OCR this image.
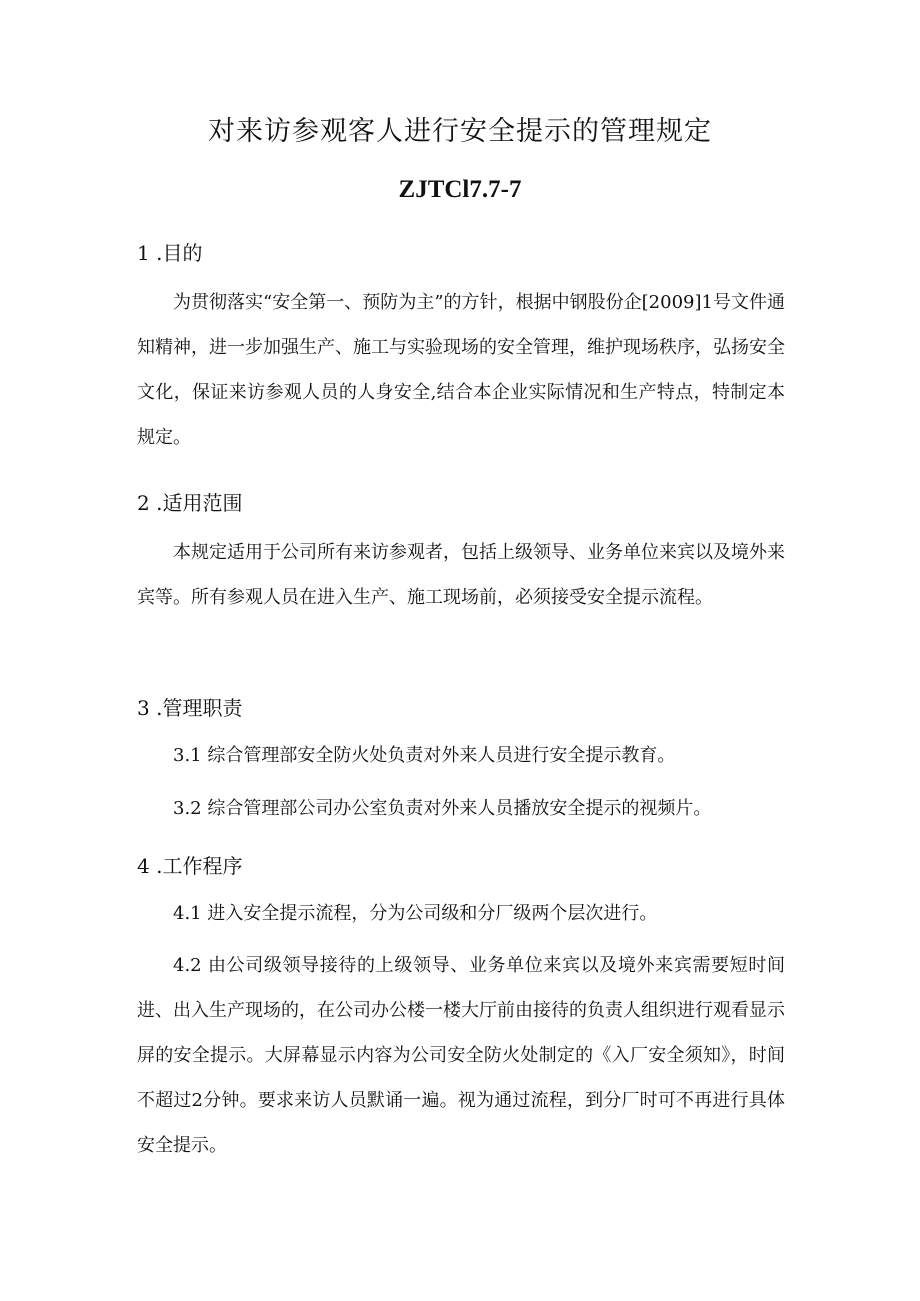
对来访参观客人进行安全提示的管理规定
ZJTCl7.7-7
1 .目的
为贯彻落实“安全第一、预防为主”的方针，根据中钢股份企[2009]1号文件通知精神，进一步加强生产、施工与实验现场的安全管理，维护现场秩序，弘扬安全文化，保证来访参观人员的人身安全,结合本企业实际情况和生产特点，特制定本规定。
2 .适用范围
本规定适用于公司所有来访参观者，包括上级领导、业务单位来宾以及境外来宾等。所有参观人员在进入生产、施工现场前，必须接受安全提示流程。
3 .管理职责
3.1 综合管理部安全防火处负责对外来人员进行安全提示教育。
3.2 综合管理部公司办公室负责对外来人员播放安全提示的视频片。
4 .工作程序
4.1 进入安全提示流程，分为公司级和分厂级两个层次进行。
4.2 由公司级领导接待的上级领导、业务单位来宾以及境外来宾需要短时间进、出入生产现场的，在公司办公楼一楼大厅前由接待的负责人组织进行观看显示屏的安全提示。大屏幕显示内容为公司安全防火处制定的《入厂安全须知》，时间不超过2分钟。要求来访人员默诵一遍。视为通过流程，到分厂时可不再进行具体安全提示。
